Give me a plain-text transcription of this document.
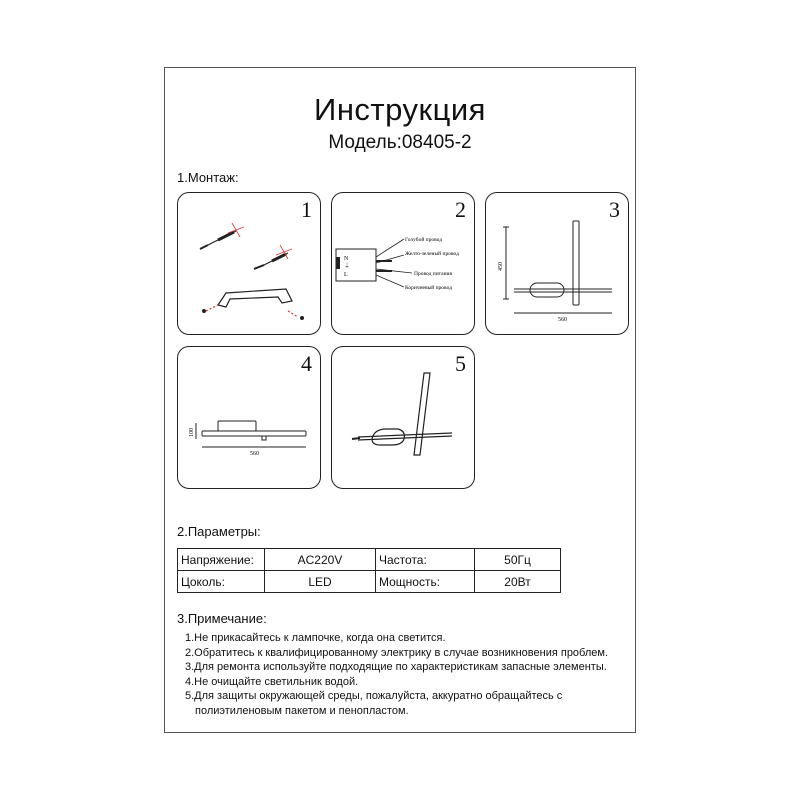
Инструкция
Модель:08405-2
1.Монтаж:
1	2
N
⏚
L
Голубой провод
Желто-зеленый провод
Провод питания
Коричневый провод
3
450
560
4
100
560
5
2.Параметры:
Напряжение:	AC220V	Частота:	50Гц
Цоколь:	LED	Мощность:	20Вт
3.Примечание:
1.Не прикасайтесь к лампочке, когда она светится.
2.Обратитесь к квалифицированному электрику в случае возникновения проблем.
3.Для ремонта используйте подходящие по характеристикам запасные элементы.
4.Не очищайте светильник водой.
5.Для защиты окружающей среды, пожалуйста, аккуратно обращайтесь с
полиэтиленовым пакетом и пенопластом.
